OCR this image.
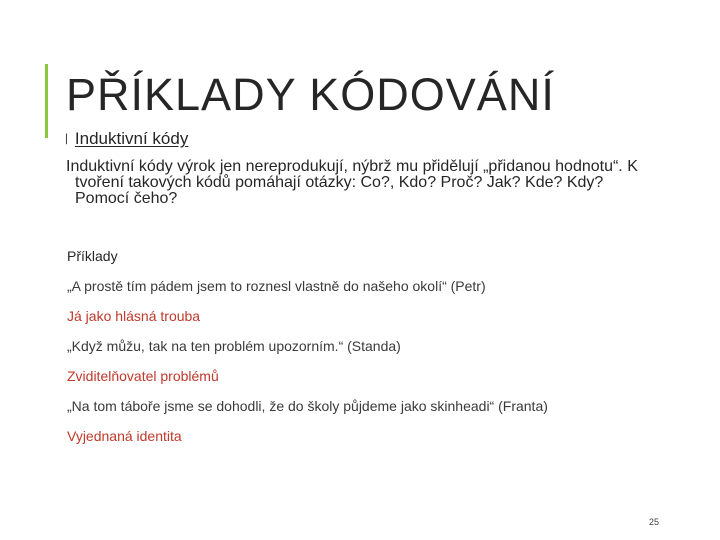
PŘÍKLADY KÓDOVÁNÍ
▏ Induktivní kódy

Induktivní kódy výrok jen nereprodukují, nýbrž mu přidělují „přidanou hodnotu“. K tvoření takových kódů pomáhají otázky: Co?, Kdo? Proč? Jak? Kde? Kdy? Pomocí čeho?

Příklady

„A prostě tím pádem jsem to roznesl vlastně do našeho okolí“ (Petr)

Já jako hlásná trouba

„Když můžu, tak na ten problém upozorním.“ (Standa)

Zviditelňovatel problémů

„Na tom táboře jsme se dohodli, že do školy půjdeme jako skinheadi“ (Franta)

Vyjednaná identita

25
